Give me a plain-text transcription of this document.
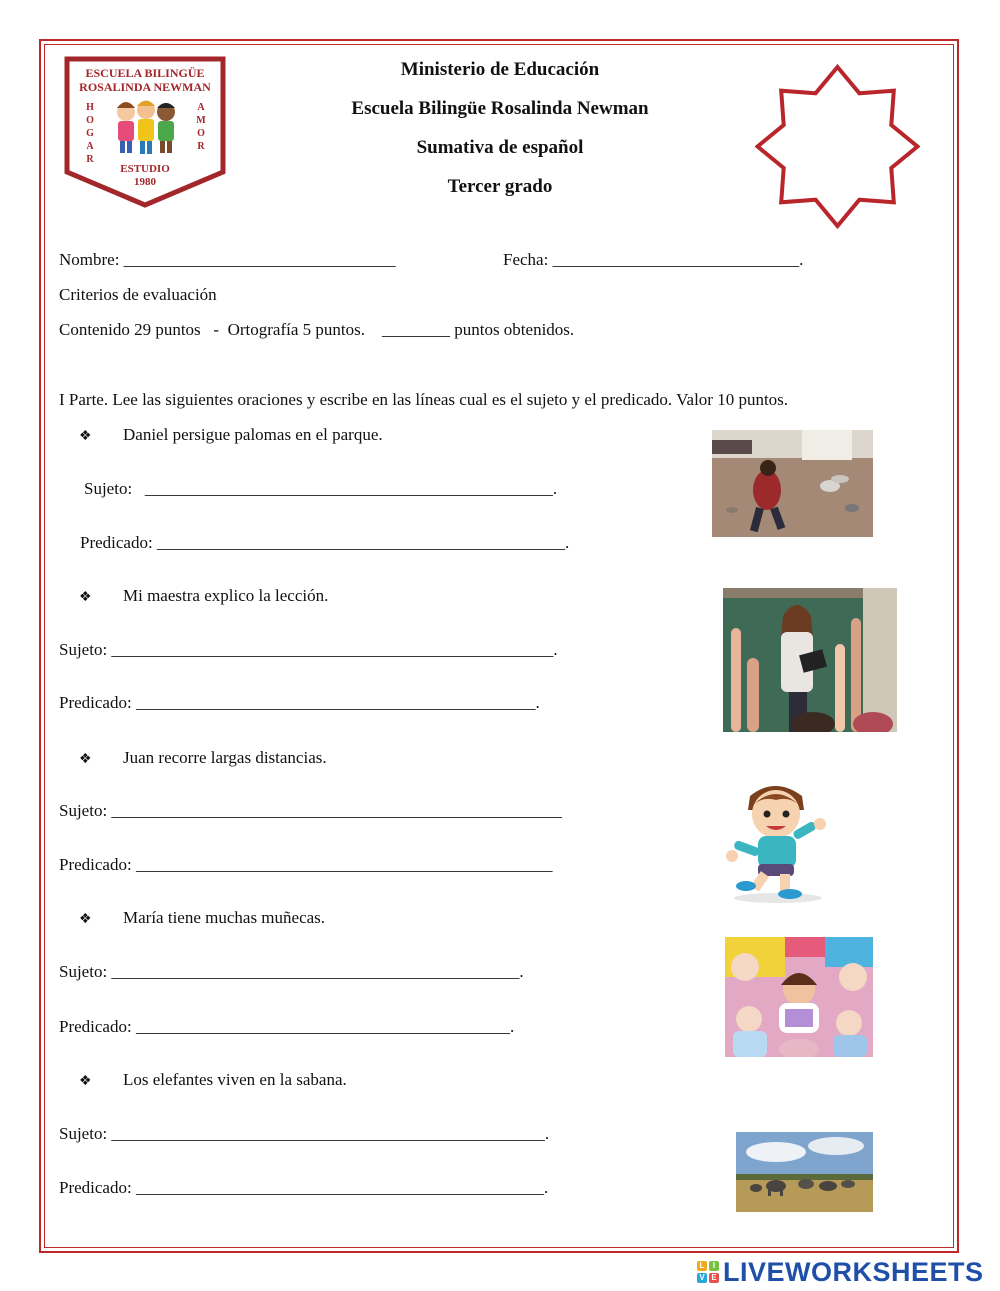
ESCUELA BILINGÜE
ROSALINDA NEWMAN
H
O
G
A
R
A
M
O
R
ESTUDIO
1980
Ministerio de Educación
Escuela Bilingüe Rosalinda Newman
Sumativa de español
Tercer grado
Nombre: ________________________________	Fecha: _____________________________.
Criterios de evaluación
Contenido 29 puntos   -  Ortografía 5 puntos.    ________ puntos obtenidos.
I Parte. Lee las siguientes oraciones y escribe en las líneas cual es el sujeto y el predicado. Valor 10 puntos.
❖ Daniel persigue palomas en el parque.
Sujeto:   ________________________________________________.
Predicado: ________________________________________________.
❖ Mi maestra explico la lección.
Sujeto: ____________________________________________________.
Predicado: _______________________________________________.
❖ Juan recorre largas distancias.
Sujeto: _____________________________________________________
Predicado: _________________________________________________
❖ María tiene muchas muñecas.
Sujeto: ________________________________________________.
Predicado: ____________________________________________.
❖ Los elefantes viven en la sabana.
Sujeto: ___________________________________________________.
Predicado: ________________________________________________.
L	I
V E LIVEWORKSHEETS
